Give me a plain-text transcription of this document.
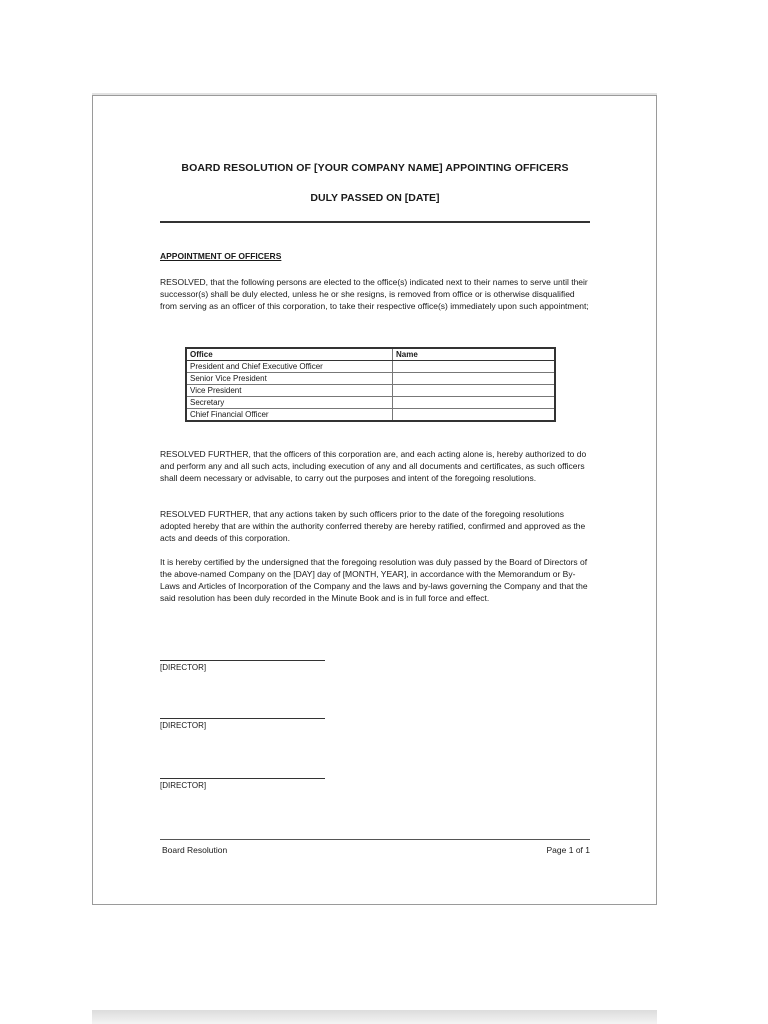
BOARD RESOLUTION OF [YOUR COMPANY NAME] APPOINTING OFFICERS
DULY PASSED ON [DATE]
APPOINTMENT OF OFFICERS
RESOLVED, that the following persons are elected to the office(s) indicated next to their names to serve until their successor(s) shall be duly elected, unless he or she resigns, is removed from office or is otherwise disqualified from serving as an officer of this corporation, to take their respective office(s) immediately upon such appointment;
Office	Name
President and Chief Executive Officer	
Senior Vice President	
Vice President	
Secretary	
Chief Financial Officer	
RESOLVED FURTHER, that the officers of this corporation are, and each acting alone is, hereby authorized to do and perform any and all such acts, including execution of any and all documents and certificates, as such officers shall deem necessary or advisable, to carry out the purposes and intent of the foregoing resolutions.
RESOLVED FURTHER, that any actions taken by such officers prior to the date of the foregoing resolutions adopted hereby that are within the authority conferred thereby are hereby ratified, confirmed and approved as the acts and deeds of this corporation.
It is hereby certified by the undersigned that the foregoing resolution was duly passed by the Board of Directors of the above-named Company on the [DAY] day of [MONTH, YEAR], in accordance with the Memorandum or By-Laws and Articles of Incorporation of the Company and the laws and by-laws governing the Company and that the said resolution has been duly recorded in the Minute Book and is in full force and effect.
[DIRECTOR]
[DIRECTOR]
[DIRECTOR]
Board Resolution	Page 1 of 1
